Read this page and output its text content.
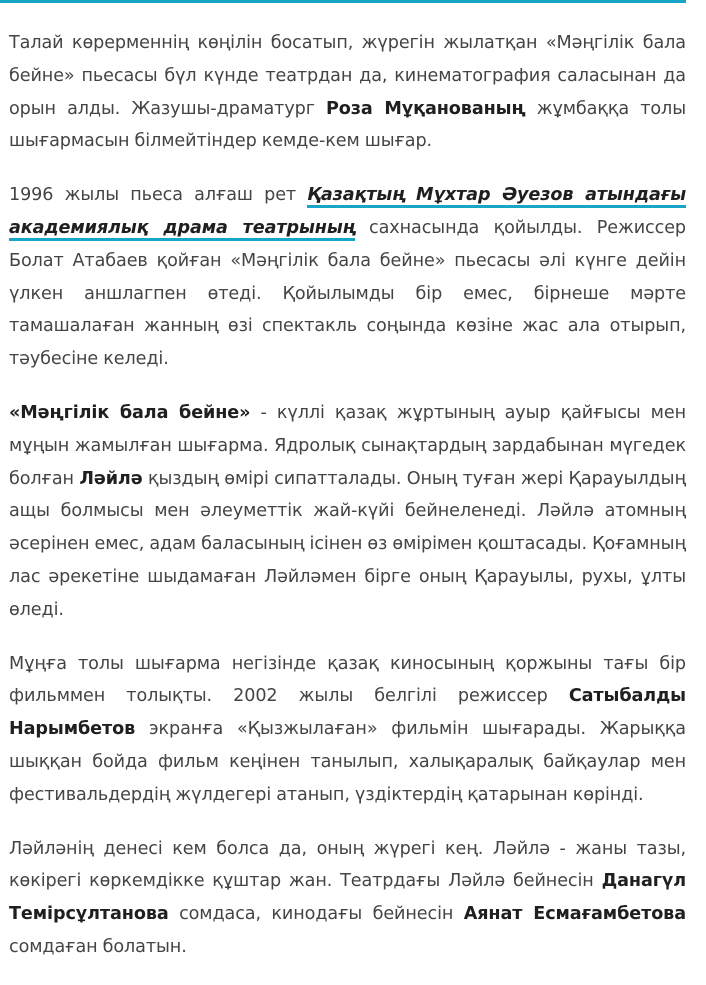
Талай көрерменнің көңілін босатып, жүрегін жылатқан «Мәңгілік бала бейне» пьесасы бүл күнде театрдан да, кинематография саласынан да орын алды. Жазушы-драматург Роза Мұқанованың жұмбаққа толы шығармасын білмейтіндер кемде-кем шығар.

1996 жылы пьеса алғаш рет Қазақтың Мұхтар Әуезов атындағы академиялық драма театрының сахнасында қойылды. Режиссер Болат Атабаев қойған «Мәңгілік бала бейне» пьесасы әлі күнге дейін үлкен аншлагпен өтеді. Қойылымды бір емес, бірнеше мәрте тамашалаған жанның өзі спектакль соңында көзіне жас ала отырып, тәубесіне келеді.

«Мәңгілік бала бейне» - күллі қазақ жұртының ауыр қайғысы мен мұңын жамылған шығарма. Ядролық сынақтардың зардабынан мүгедек болған Ләйлә қыздың өмірі сипатталады. Оның туған жері Қарауылдың ащы болмысы мен әлеуметтік жай-күйі бейнеленеді. Ләйлә атомның әсерінен емес, адам баласының ісінен өз өмірімен қоштасады. Қоғамның лас әрекетіне шыдамаған Ләйләмен бірге оның Қарауылы, рухы, ұлты өледі.

Мұңға толы шығарма негізінде қазақ киносының қоржыны тағы бір фильммен толықты. 2002 жылы белгілі режиссер Сатыбалды Нарымбетов экранға «Қызжылаған» фильмін шығарады. Жарыққа шыққан бойда фильм кеңінен танылып, халықаралық байқаулар мен фестивальдердің жүлдегері атанып, үздіктердің қатарынан көрінді.

Ләйләнің денесі кем болса да, оның жүрегі кең. Ләйлә - жаны тазы, көкірегі көркемдікке құштар жан. Театрдағы Ләйлә бейнесін Данагүл Темірсұлтанова сомдаса, кинодағы бейнесін Аянат Есмағамбетова сомдаған болатын.
